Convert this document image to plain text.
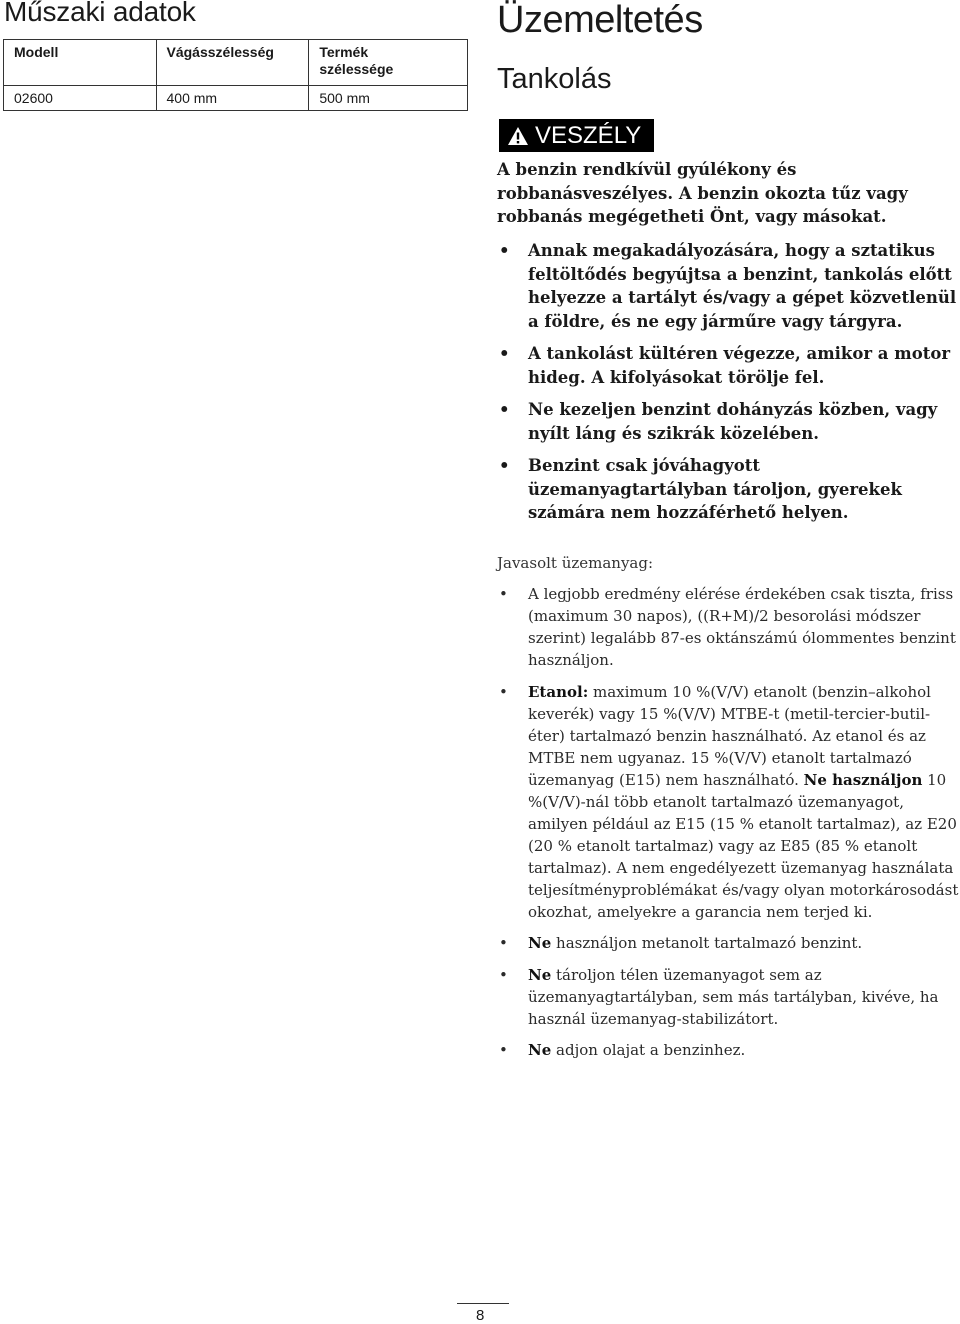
Műszaki adatok
Modell	Vágásszélesség	Termék
szélessége
02600	400 mm	500 mm
Üzemeltetés
Tankolás
VESZÉLY

A benzin rendkívül gyúlékony és robbanásveszélyes. A benzin okozta tűz vagy robbanás megégetheti Önt, vagy másokat.

• Annak megakadályozására, hogy a sztatikus feltöltődés begyújtsa a benzint, tankolás előtt helyezze a tartályt és/vagy a gépet közvetlenül a földre, és ne egy járműre vagy tárgyra.
• A tankolást kültéren végezze, amikor a motor hideg. A kifolyásokat törölje fel.
• Ne kezeljen benzint dohányzás közben, vagy nyílt láng és szikrák közelében.
• Benzint csak jóváhagyott üzemanyagtartályban tároljon, gyerekek számára nem hozzáférhető helyen.

Javasolt üzemanyag:

• A legjobb eredmény elérése érdekében csak tiszta, friss (maximum 30 napos), ((R+M)/2 besorolási módszer szerint) legalább 87-es oktánszámú ólommentes benzint használjon.
• Etanol: maximum 10 %(V/V) etanolt (benzin–alkohol keverék) vagy 15 %(V/V) MTBE-t (metil-tercier-butil-éter) tartalmazó benzin használható. Az etanol és az MTBE nem ugyanaz. 15 %(V/V) etanolt tartalmazó üzemanyag (E15) nem használható. Ne használjon 10 %(V/V)-nál több etanolt tartalmazó üzemanyagot, amilyen például az E15 (15 % etanolt tartalmaz), az E20 (20 % etanolt tartalmaz) vagy az E85 (85 % etanolt tartalmaz). A nem engedélyezett üzemanyag használata teljesítményproblémákat és/vagy olyan motorkárosodást okozhat, amelyekre a garancia nem terjed ki.
• Ne használjon metanolt tartalmazó benzint.
• Ne tároljon télen üzemanyagot sem az üzemanyagtartályban, sem más tartályban, kivéve, ha használ üzemanyag-stabilizátort.
• Ne adjon olajat a benzinhez.
8
